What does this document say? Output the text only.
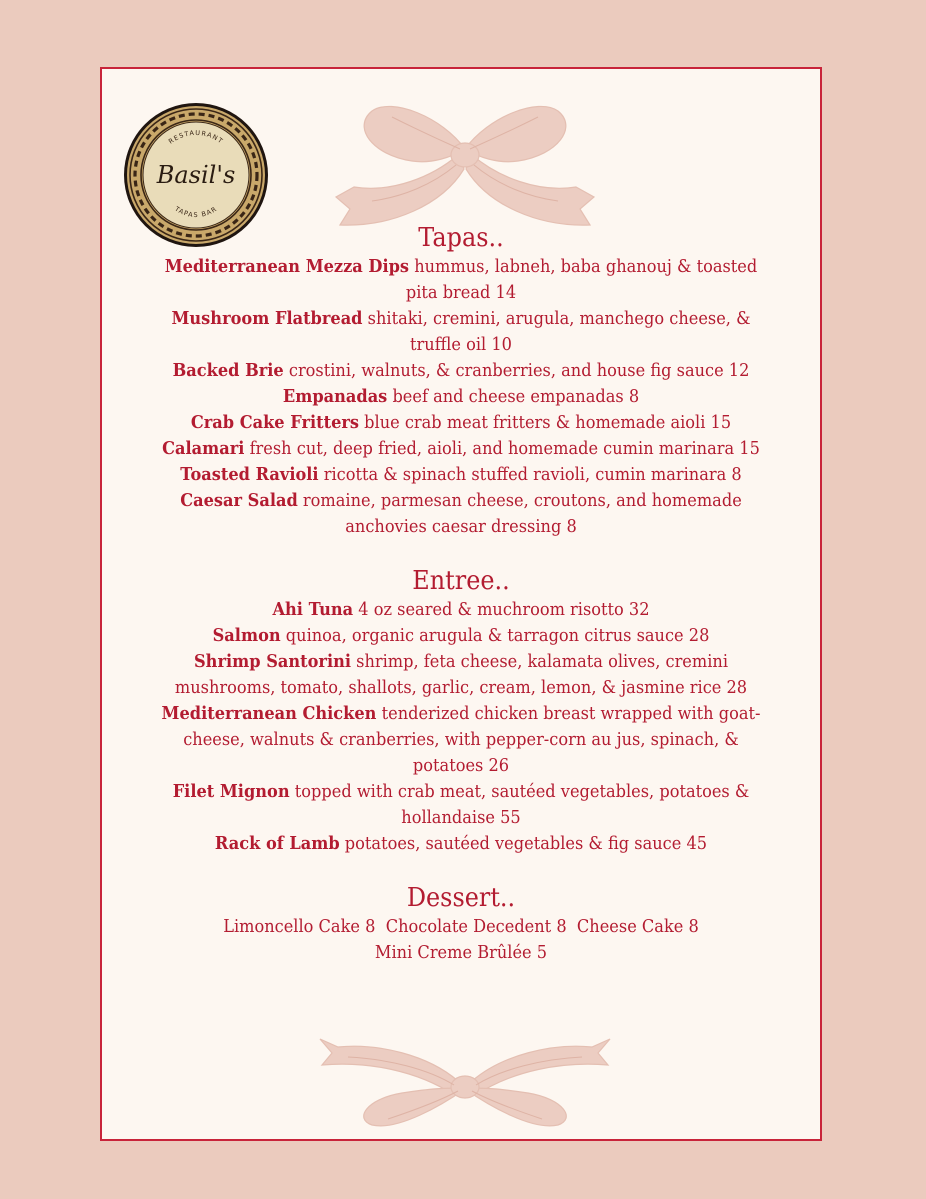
RESTAURANT
TAPAS BAR
Basil's
Tapas..

Mediterranean Mezza Dips hummus, labneh, baba ghanouj & toasted pita bread 14

Mushroom Flatbread shitaki, cremini, arugula, manchego cheese, & truffle oil 10

Backed Brie crostini, walnuts, & cranberries, and house fig sauce 12

Empanadas beef and cheese empanadas 8

Crab Cake Fritters blue crab meat fritters & homemade aioli 15

Calamari fresh cut, deep fried, aioli, and homemade cumin marinara 15

Toasted Ravioli ricotta & spinach stuffed ravioli, cumin marinara 8

Caesar Salad romaine, parmesan cheese, croutons, and homemade anchovies caesar dressing 8

Entree..

Ahi Tuna 4 oz seared & muchroom risotto 32

Salmon quinoa, organic arugula & tarragon citrus sauce 28

Shrimp Santorini shrimp, feta cheese, kalamata olives, cremini mushrooms, tomato, shallots, garlic, cream, lemon, & jasmine rice 28

Mediterranean Chicken tenderized chicken breast wrapped with goat-cheese, walnuts & cranberries, with pepper-corn au jus, spinach, & potatoes 26

Filet Mignon topped with crab meat, sautéed vegetables, potatoes & hollandaise 55

Rack of Lamb potatoes, sautéed vegetables & fig sauce 45

Dessert..

Limoncello Cake 8  Chocolate Decedent 8  Cheese Cake 8

Mini Creme Brûlée 5
